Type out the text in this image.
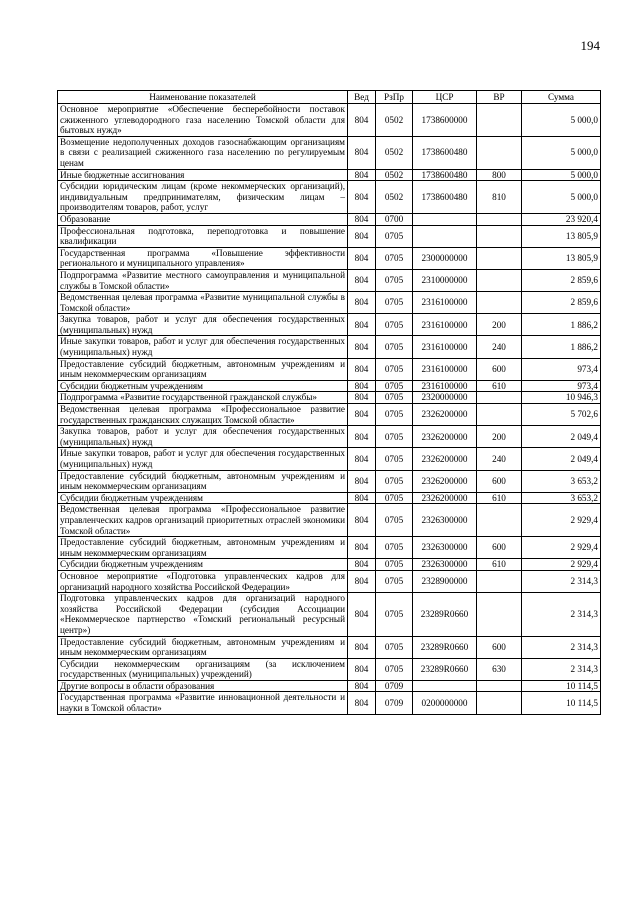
194
Наименование показателей	Вед	РзПр	ЦСР	ВР	Сумма
Основное мероприятие «Обеспечение бесперебойности поставок сжиженного углеводородного газа населению Томской области для бытовых нужд»	804	0502	1738600000		5 000,0
Возмещение недополученных доходов газоснабжающим организациям в связи с реализацией сжиженного газа населению по регулируемым ценам	804	0502	1738600480		5 000,0
Иные бюджетные ассигнования	804	0502	1738600480	800	5 000,0
Субсидии юридическим лицам (кроме некоммерческих организаций), индивидуальным предпринимателям, физическим лицам – производителям товаров, работ, услуг	804	0502	1738600480	810	5 000,0
Образование	804	0700			23 920,4
Профессиональная подготовка, переподготовка и повышение квалификации	804	0705			13 805,9
Государственная программа «Повышение эффективности регионального и муниципального управления»	804	0705	2300000000		13 805,9
Подпрограмма «Развитие местного самоуправления и муниципальной службы в Томской области»	804	0705	2310000000		2 859,6
Ведомственная целевая программа «Развитие муниципальной службы в Томской области»	804	0705	2316100000		2 859,6
Закупка товаров, работ и услуг для обеспечения государственных (муниципальных) нужд	804	0705	2316100000	200	1 886,2
Иные закупки товаров, работ и услуг для обеспечения государственных (муниципальных) нужд	804	0705	2316100000	240	1 886,2
Предоставление субсидий бюджетным, автономным учреждениям и иным некоммерческим организациям	804	0705	2316100000	600	973,4
Субсидии бюджетным учреждениям	804	0705	2316100000	610	973,4
Подпрограмма «Развитие государственной гражданской службы»	804	0705	2320000000		10 946,3
Ведомственная целевая программа «Профессиональное развитие государственных гражданских служащих Томской области»	804	0705	2326200000		5 702,6
Закупка товаров, работ и услуг для обеспечения государственных (муниципальных) нужд	804	0705	2326200000	200	2 049,4
Иные закупки товаров, работ и услуг для обеспечения государственных (муниципальных) нужд	804	0705	2326200000	240	2 049,4
Предоставление субсидий бюджетным, автономным учреждениям и иным некоммерческим организациям	804	0705	2326200000	600	3 653,2
Субсидии бюджетным учреждениям	804	0705	2326200000	610	3 653,2
Ведомственная целевая программа «Профессиональное развитие управленческих кадров организаций приоритетных отраслей экономики Томской области»	804	0705	2326300000		2 929,4
Предоставление субсидий бюджетным, автономным учреждениям и иным некоммерческим организациям	804	0705	2326300000	600	2 929,4
Субсидии бюджетным учреждениям	804	0705	2326300000	610	2 929,4
Основное мероприятие «Подготовка управленческих кадров для организаций народного хозяйства Российской Федерации»	804	0705	2328900000		2 314,3
Подготовка управленческих кадров для организаций народного хозяйства Российской Федерации (субсидия Ассоциации «Некоммерческое партнерство «Томский региональный ресурсный центр»)	804	0705	23289R0660		2 314,3
Предоставление субсидий бюджетным, автономным учреждениям и иным некоммерческим организациям	804	0705	23289R0660	600	2 314,3
Субсидии некоммерческим организациям (за исключением государственных (муниципальных) учреждений)	804	0705	23289R0660	630	2 314,3
Другие вопросы в области образования	804	0709			10 114,5
Государственная программа «Развитие инновационной деятельности и науки в Томской области»	804	0709	0200000000		10 114,5
